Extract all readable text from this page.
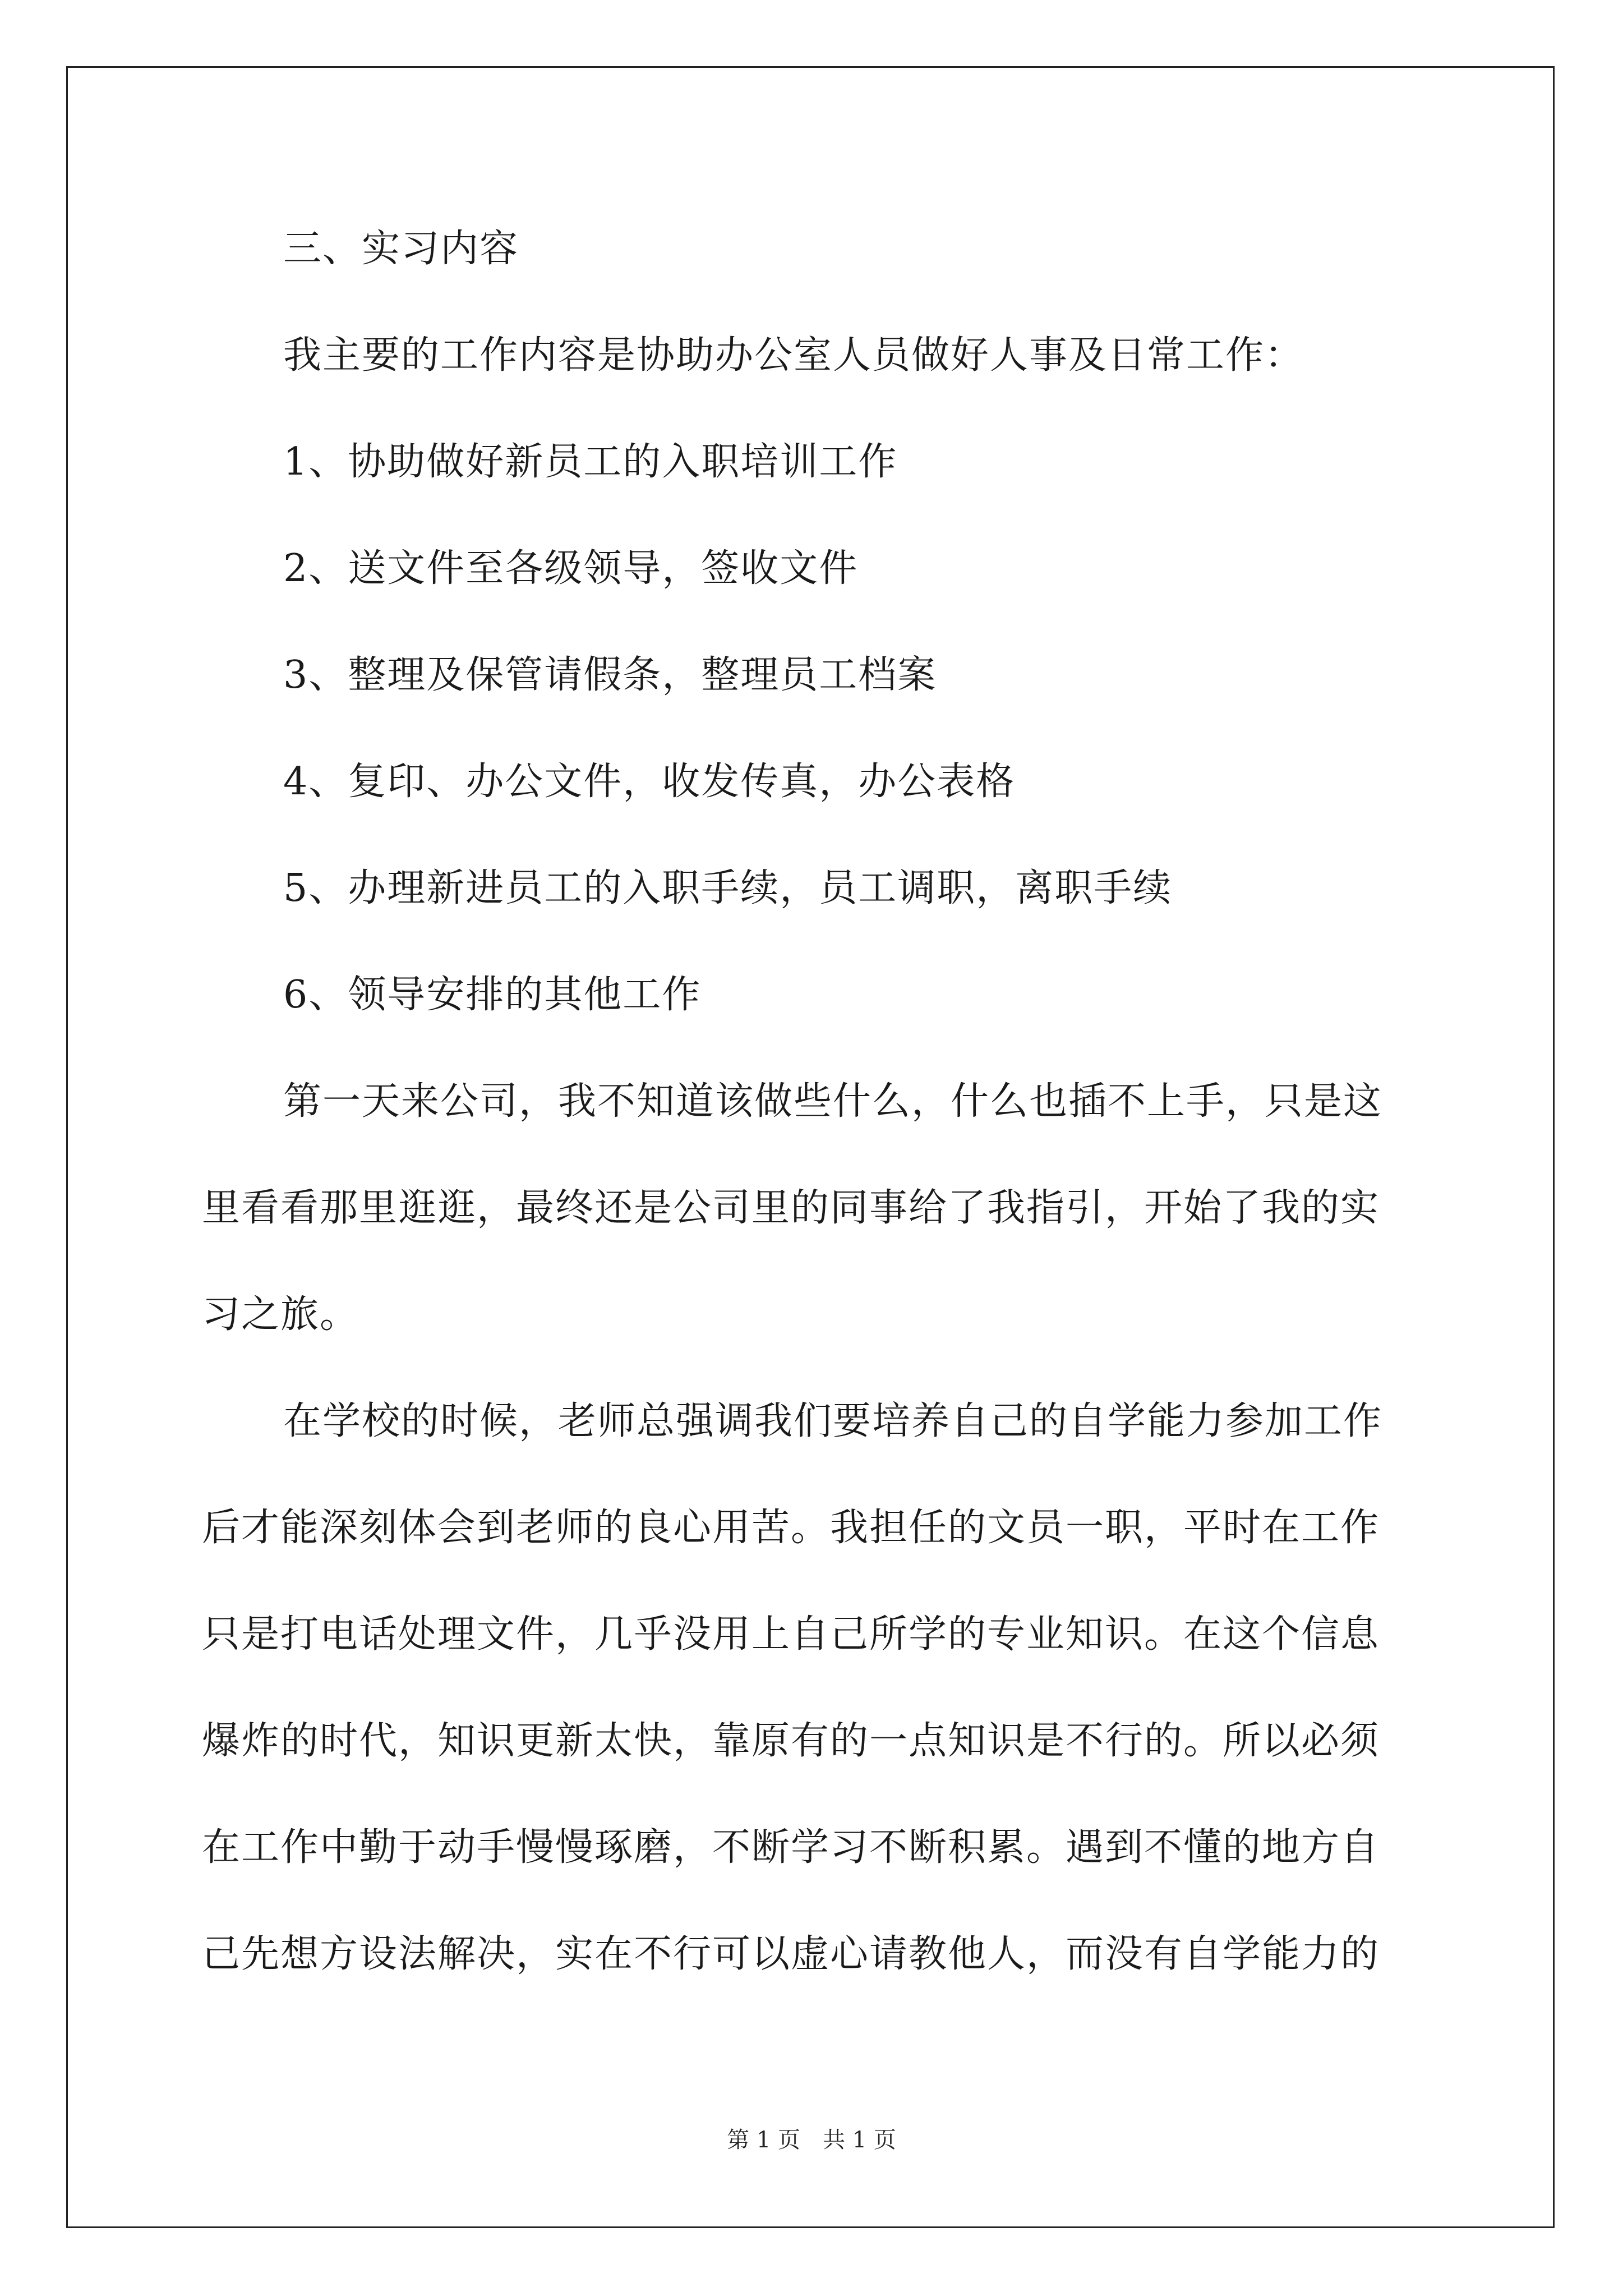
三、实习内容
我主要的工作内容是协助办公室人员做好人事及日常工作：
1、协助做好新员工的入职培训工作
2、送文件至各级领导，签收文件
3、整理及保管请假条，整理员工档案
4、复印、办公文件，收发传真，办公表格
5、办理新进员工的入职手续，员工调职，离职手续
6、领导安排的其他工作
第一天来公司，我不知道该做些什么，什么也插不上手，只是这
里看看那里逛逛，最终还是公司里的同事给了我指引，开始了我的实
习之旅。
在学校的时候，老师总强调我们要培养自己的自学能力参加工作
后才能深刻体会到老师的良心用苦。我担任的文员一职，平时在工作
只是打电话处理文件，几乎没用上自己所学的专业知识。在这个信息
爆炸的时代，知识更新太快，靠原有的一点知识是不行的。所以必须
在工作中勤于动手慢慢琢磨，不断学习不断积累。遇到不懂的地方自
己先想方设法解决，实在不行可以虚心请教他人，而没有自学能力的
第 1 页　共 1 页
